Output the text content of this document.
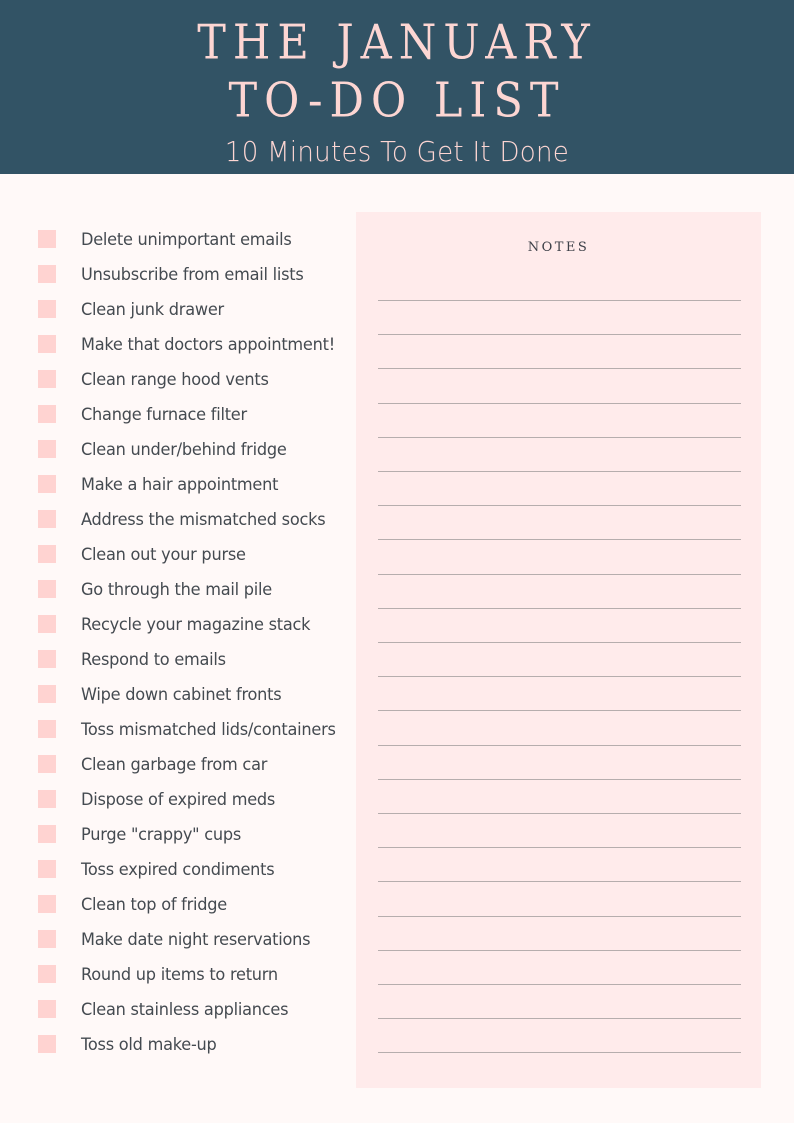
THE JANUARY
TO-DO LIST
10 Minutes To Get It Done
Delete unimportant emails
Unsubscribe from email lists
Clean junk drawer
Make that doctors appointment!
Clean range hood vents
Change furnace filter
Clean under/behind fridge
Make a hair appointment
Address the mismatched socks
Clean out your purse
Go through the mail pile
Recycle your magazine stack
Respond to emails
Wipe down cabinet fronts
Toss mismatched lids/containers
Clean garbage from car
Dispose of expired meds
Purge "crappy" cups
Toss expired condiments
Clean top of fridge
Make date night reservations
Round up items to return
Clean stainless appliances
Toss old make-up
NOTES
